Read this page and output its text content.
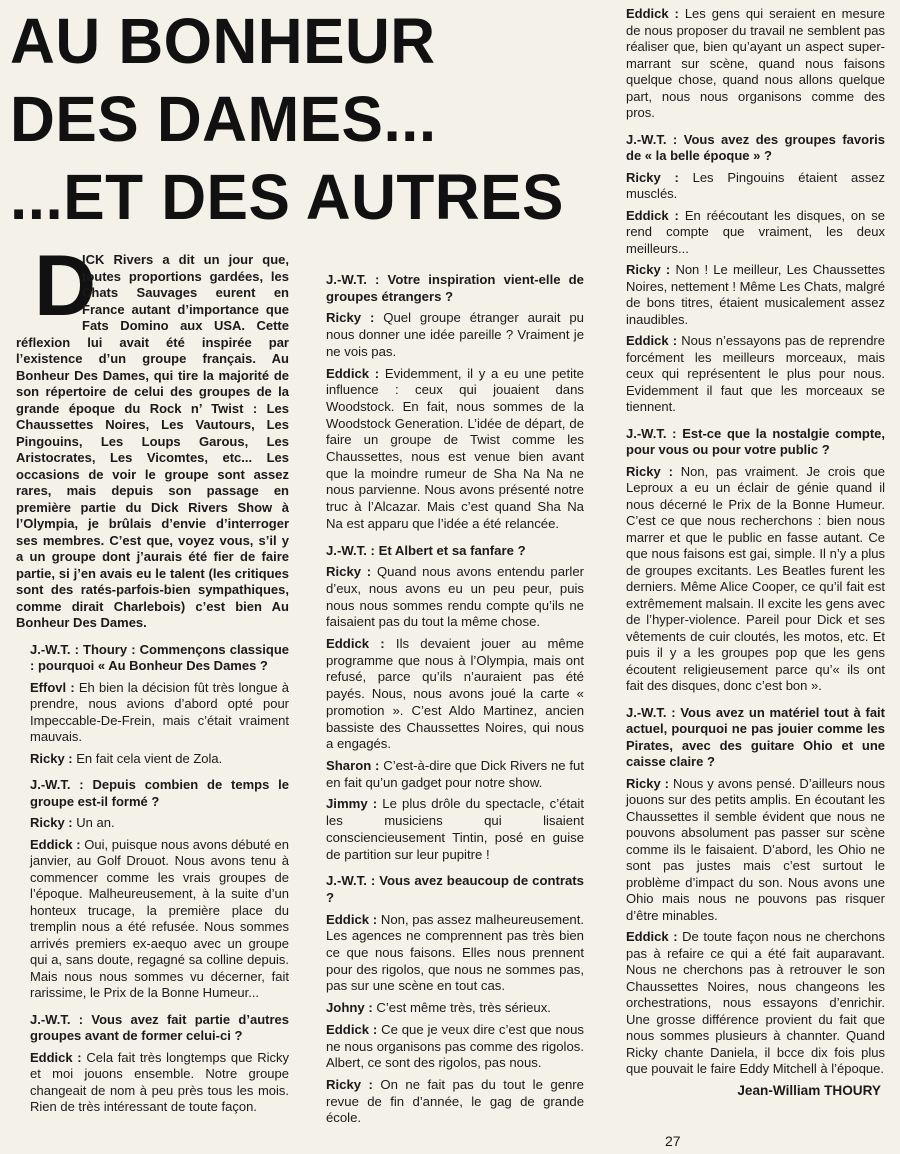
AU BONHEUR
DES DAMES...
...ET DES AUTRES

D
ICK Rivers a dit un jour que, toutes proportions gardées, les Chats Sauvages eurent en France autant d’importance que Fats Domino aux USA. Cette réflexion lui avait été inspirée par l’existence d’un groupe français. Au Bonheur Des Dames, qui tire la majorité de son répertoire de celui des groupes de la grande époque du Rock n’ Twist : Les Chaussettes Noires, Les Vautours, Les Pingouins, Les Loups Garous, Les Aristocrates, Les Vicomtes, etc... Les occasions de voir le groupe sont assez rares, mais depuis son passage en première partie du Dick Rivers Show à l’Olympia, je brûlais d’envie d’interroger ses membres. C’est que, voyez vous, s’il y a un groupe dont j’aurais été fier de faire partie, si j’en avais eu le talent (les critiques sont des ratés-parfois-bien sympathiques, comme dirait Charlebois) c’est bien Au Bonheur Des Dames.

J.-W.T. : Thoury : Commençons classique : pourquoi « Au Bonheur Des Dames ?

Effovl : Eh bien la décision fût très longue à prendre, nous avions d’abord opté pour Impeccable-De-Frein, mais c’était vraiment mauvais.

Ricky : En fait cela vient de Zola.

J.-W.T. : Depuis combien de temps le groupe est-il formé ?

Ricky : Un an.

Eddick : Oui, puisque nous avons débuté en janvier, au Golf Drouot. Nous avons tenu à commencer comme les vrais groupes de l’époque. Malheureusement, à la suite d’un honteux trucage, la première place du tremplin nous a été refusée. Nous sommes arrivés premiers ex-aequo avec un groupe qui a, sans doute, regagné sa colline depuis. Mais nous nous sommes vu décerner, fait rarissime, le Prix de la Bonne Humeur...

J.-W.T. : Vous avez fait partie d’autres groupes avant de former celui-ci ?

Eddick : Cela fait très longtemps que Ricky et moi jouons ensemble. Notre groupe changeait de nom à peu près tous les mois. Rien de très intéressant de toute façon.

J.-W.T. : Votre inspiration vient-elle de groupes étrangers ?

Ricky : Quel groupe étranger aurait pu nous donner une idée pareille ? Vraiment je ne vois pas.

Eddick : Evidemment, il y a eu une petite influence : ceux qui jouaient dans Woodstock. En fait, nous sommes de la Woodstock Generation. L’idée de départ, de faire un groupe de Twist comme les Chaussettes, nous est venue bien avant que la moindre rumeur de Sha Na Na ne nous parvienne. Nous avons présenté notre truc à l’Alcazar. Mais c’est quand Sha Na Na est apparu que l’idée a été relancée.

J.-W.T. : Et Albert et sa fanfare ?

Ricky : Quand nous avons entendu parler d’eux, nous avons eu un peu peur, puis nous nous sommes rendu compte qu’ils ne faisaient pas du tout la même chose.

Eddick : Ils devaient jouer au même programme que nous à l’Olympia, mais ont refusé, parce qu’ils n’auraient pas été payés. Nous, nous avons joué la carte « promotion ». C’est Aldo Martinez, ancien bassiste des Chaussettes Noires, qui nous a engagés.

Sharon : C’est-à-dire que Dick Rivers ne fut en fait qu’un gadget pour notre show.

Jimmy : Le plus drôle du spectacle, c’était les musiciens qui lisaient consciencieusement Tintin, posé en guise de partition sur leur pupitre !

J.-W.T. : Vous avez beaucoup de contrats ?

Eddick : Non, pas assez malheureusement. Les agences ne comprennent pas très bien ce que nous faisons. Elles nous prennent pour des rigolos, que nous ne sommes pas, pas sur une scène en tout cas.

Johny : C’est même très, très sérieux.

Eddick : Ce que je veux dire c’est que nous ne nous organisons pas comme des rigolos. Albert, ce sont des rigolos, pas nous.

Ricky : On ne fait pas du tout le genre revue de fin d’année, le gag de grande école.

Eddick : Les gens qui seraient en mesure de nous proposer du travail ne semblent pas réaliser que, bien qu’ayant un aspect super-marrant sur scène, quand nous faisons quelque chose, quand nous allons quelque part, nous nous organisons comme des pros.

J.-W.T. : Vous avez des groupes favoris de « la belle époque » ?

Ricky : Les Pingouins étaient assez musclés.

Eddick : En réécoutant les disques, on se rend compte que vraiment, les deux meilleurs...

Ricky : Non ! Le meilleur, Les Chaussettes Noires, nettement ! Même Les Chats, malgré de bons titres, étaient musicalement assez inaudibles.

Eddick : Nous n’essayons pas de reprendre forcément les meilleurs morceaux, mais ceux qui représentent le plus pour nous. Evidemment il faut que les morceaux se tiennent.

J.-W.T. : Est-ce que la nostalgie compte, pour vous ou pour votre public ?

Ricky : Non, pas vraiment. Je crois que Leproux a eu un éclair de génie quand il nous décerné le Prix de la Bonne Humeur. C’est ce que nous recherchons : bien nous marrer et que le public en fasse autant. Ce que nous faisons est gai, simple. Il n’y a plus de groupes excitants. Les Beatles furent les derniers. Même Alice Cooper, ce qu’il fait est extrêmement malsain. Il excite les gens avec de l’hyper-violence. Pareil pour Dick et ses vêtements de cuir cloutés, les motos, etc. Et puis il y a les groupes pop que les gens écoutent religieusement parce qu’« ils ont fait des disques, donc c’est bon ».

J.-W.T. : Vous avez un matériel tout à fait actuel, pourquoi ne pas jouier comme les Pirates, avec des guitare Ohio et une caisse claire ?

Ricky : Nous y avons pensé. D’ailleurs nous jouons sur des petits amplis. En écoutant les Chaussettes il semble évident que nous ne pouvons absolument pas passer sur scène comme ils le faisaient. D’abord, les Ohio ne sont pas justes mais c’est surtout le problème d’impact du son. Nous avons une Ohio mais nous ne pouvons pas risquer d’être minables.

Eddick : De toute façon nous ne cherchons pas à refaire ce qui a été fait auparavant. Nous ne cherchons pas à retrouver le son Chaussettes Noires, nous changeons les orchestrations, nous essayons d’enrichir. Une grosse différence provient du fait que nous sommes plusieurs à channter. Quand Ricky chante Daniela, il bcce dix fois plus que pouvait le faire Eddy Mitchell à l’époque.

Jean-William THOURY
27
